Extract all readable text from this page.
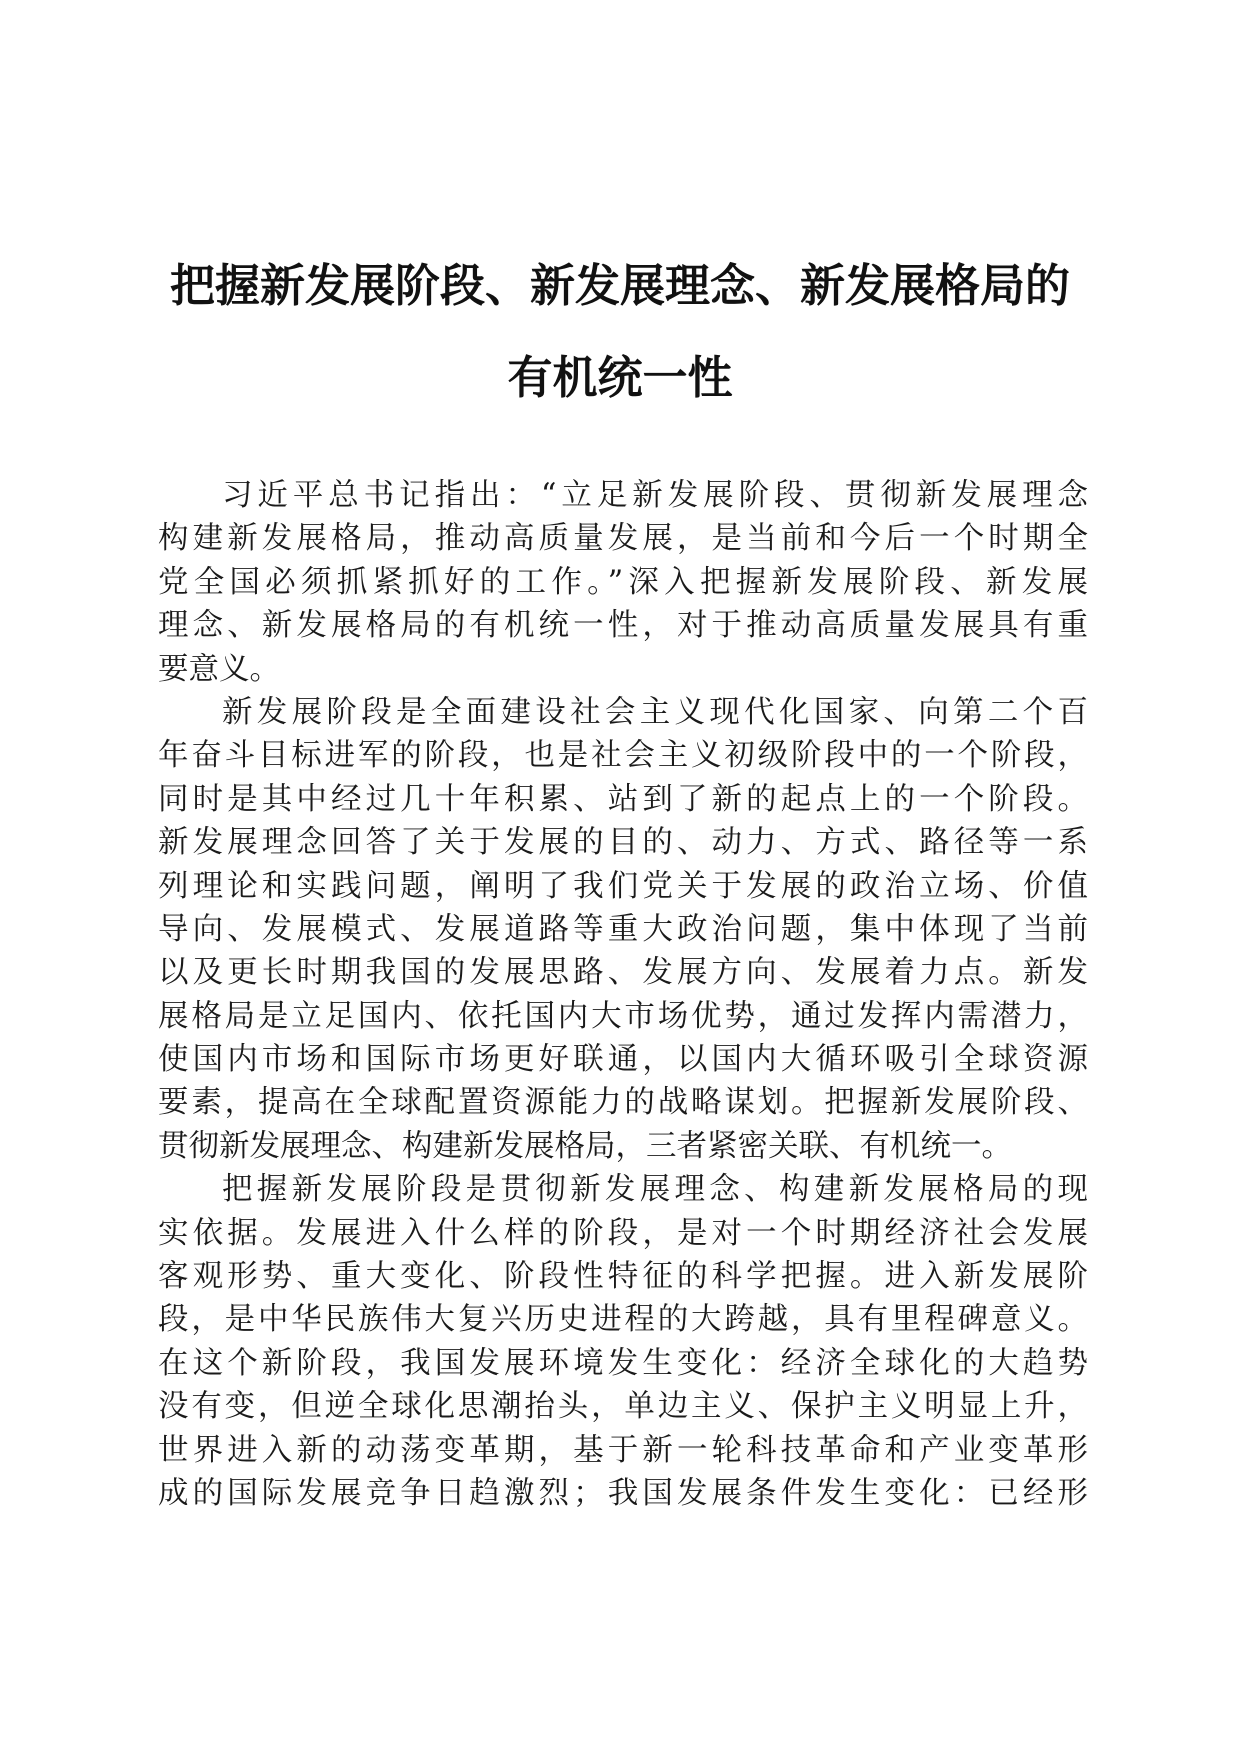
把握新发展阶段、新发展理念、新发展格局的
有机统一性
习近平总书记指出：“立足新发展阶段、贯彻新发展理念
构建新发展格局，推动高质量发展，是当前和今后一个时期全
党全国必须抓紧抓好的工作。”深入把握新发展阶段、新发展
理念、新发展格局的有机统一性，对于推动高质量发展具有重
要意义。
新发展阶段是全面建设社会主义现代化国家、向第二个百
年奋斗目标进军的阶段，也是社会主义初级阶段中的一个阶段，
同时是其中经过几十年积累、站到了新的起点上的一个阶段。
新发展理念回答了关于发展的目的、动力、方式、路径等一系
列理论和实践问题，阐明了我们党关于发展的政治立场、价值
导向、发展模式、发展道路等重大政治问题，集中体现了当前
以及更长时期我国的发展思路、发展方向、发展着力点。新发
展格局是立足国内、依托国内大市场优势，通过发挥内需潜力，
使国内市场和国际市场更好联通，以国内大循环吸引全球资源
要素，提高在全球配置资源能力的战略谋划。把握新发展阶段、
贯彻新发展理念、构建新发展格局，三者紧密关联、有机统一。
把握新发展阶段是贯彻新发展理念、构建新发展格局的现
实依据。发展进入什么样的阶段，是对一个时期经济社会发展
客观形势、重大变化、阶段性特征的科学把握。进入新发展阶
段，是中华民族伟大复兴历史进程的大跨越，具有里程碑意义。
在这个新阶段，我国发展环境发生变化：经济全球化的大趋势
没有变，但逆全球化思潮抬头，单边主义、保护主义明显上升，
世界进入新的动荡变革期，基于新一轮科技革命和产业变革形
成的国际发展竞争日趋激烈；我国发展条件发生变化：已经形
